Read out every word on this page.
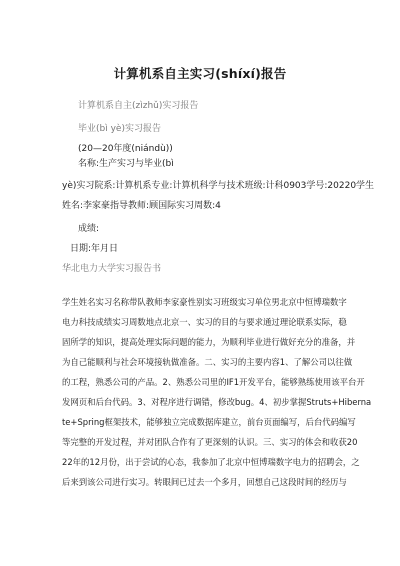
计算机系自主实习(shíxí)报告
计算机系自主(zìzhǔ)实习报告
毕业(bì yè)实习报告
(20—20年度(niándù))
名称:生产实习与毕业(bì
yè)实习院系:计算机系专业:计算机科学与技术班级:计科0903学号:20220学生
姓名:李家豪指导教师:顾国际实习周数:4
成绩:
日期:年月日
华北电力大学实习报告书
学生姓名实习名称带队教师李家豪性别实习班级实习单位男北京中恒博瑞数字
电力科技成绩实习周数地点北京一、实习的目的与要求通过理论联系实际，稳
固所学的知识，提高处理实际问题的能力，为顺利毕业进行做好充分的准备，并
为自己能顺利与社会环境接轨做准备。二、实习的主要内容1、了解公司以往做
的工程，熟悉公司的产品。2、熟悉公司里的IF1开发平台，能够熟练使用该平台开
发网页和后台代码。3、对程序进行调错，修改bug。4、初步掌握Struts+Hiberna
te+Spring框架技术，能够独立完成数据库建立，前台页面编写，后台代码编写
等完整的开发过程，并对团队合作有了更深刻的认识。三、实习的体会和收获20
22年的12月份，出于尝试的心态，我参加了北京中恒博瑞数字电力的招聘会，之
后来到该公司进行实习。转眼间已过去一个多月，回想自己这段时间的经历与
